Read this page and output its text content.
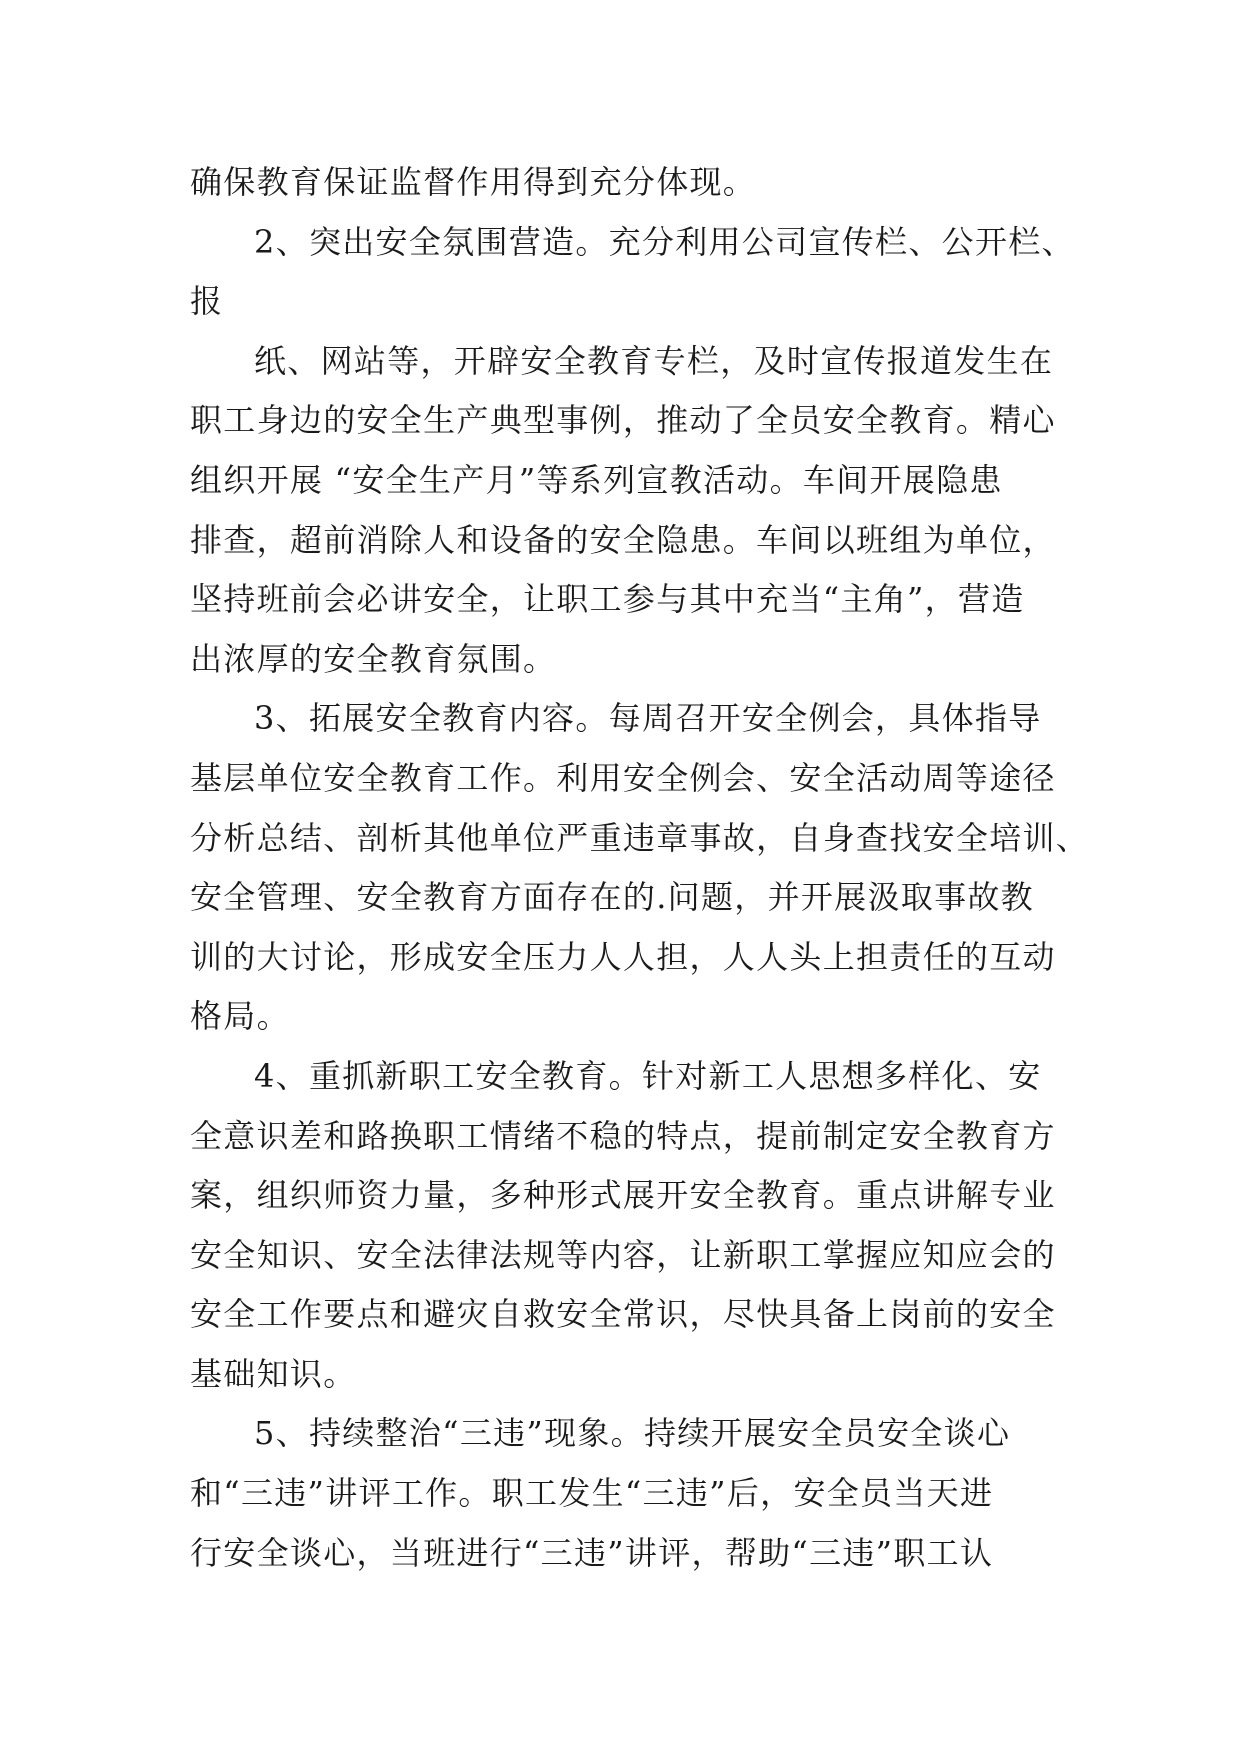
确保教育保证监督作用得到充分体现。
2、突出安全氛围营造。充分利用公司宣传栏、公开栏、
报
纸、网站等，开辟安全教育专栏，及时宣传报道发生在
职工身边的安全生产典型事例，推动了全员安全教育。精心
组织开展 “安全生产月”等系列宣教活动。车间开展隐患
排查，超前消除人和设备的安全隐患。车间以班组为单位，
坚持班前会必讲安全，让职工参与其中充当“主角”，营造
出浓厚的安全教育氛围。
3、拓展安全教育内容。每周召开安全例会，具体指导
基层单位安全教育工作。利用安全例会、安全活动周等途径
分析总结、剖析其他单位严重违章事故，自身查找安全培训、
安全管理、安全教育方面存在的.问题，并开展汲取事故教
训的大讨论，形成安全压力人人担，人人头上担责任的互动
格局。
4、重抓新职工安全教育。针对新工人思想多样化、安
全意识差和路换职工情绪不稳的特点，提前制定安全教育方
案，组织师资力量，多种形式展开安全教育。重点讲解专业
安全知识、安全法律法规等内容，让新职工掌握应知应会的
安全工作要点和避灾自救安全常识，尽快具备上岗前的安全
基础知识。
5、持续整治“三违”现象。持续开展安全员安全谈心
和“三违”讲评工作。职工发生“三违”后，安全员当天进
行安全谈心，当班进行“三违”讲评，帮助“三违”职工认
